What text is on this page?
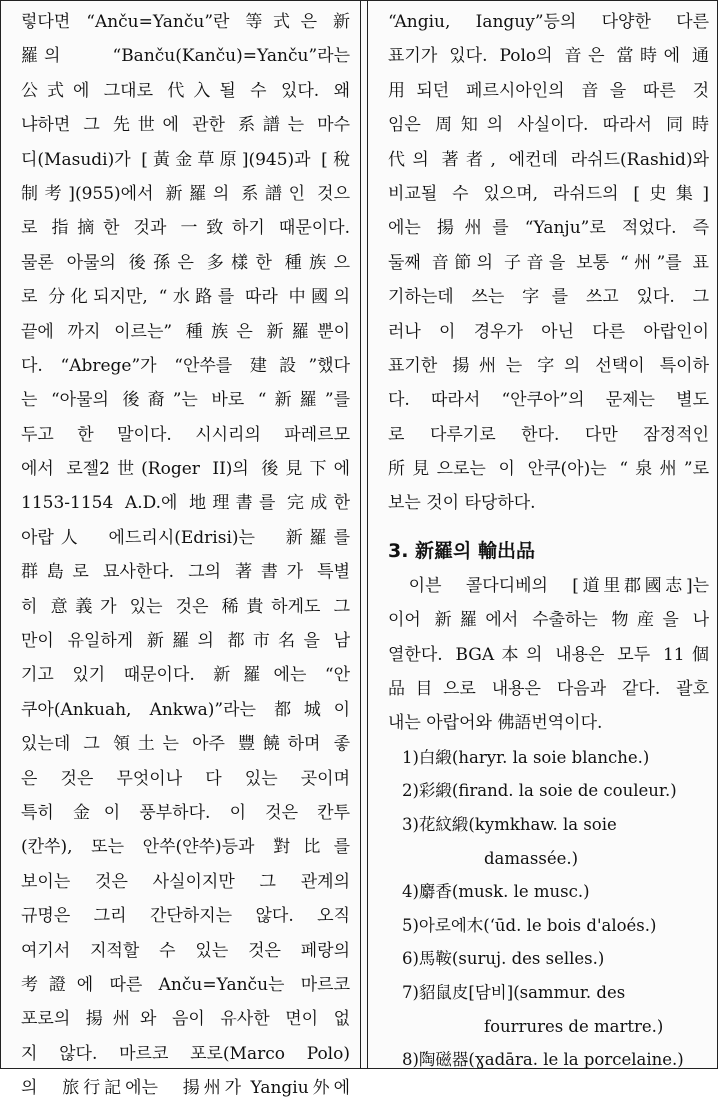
렇다면 “Anču=Yanču”란 等式은 新
羅의　　“Banču(Kanču)=Yanču”라는
公式에 그대로 代入될 수 있다. 왜
냐하면 그 先世에 관한 系譜는 마수
디(Masudi)가 [黃金草原](945)과 [稅
制考](955)에서 新羅의 系譜인 것으
로 指摘한 것과 一致하기 때문이다.
물론 아물의 後孫은 多樣한 種族으
로 分化되지만, “水路를 따라 中國의
끝에 까지 이르는” 種族은 新羅뿐이
다. “Abrege”가 “안쑤를 建設”했다
는 “아물의 後裔”는 바로 “新羅”를
두고 한 말이다. 시시리의 파레르모
에서 로젤2世(Roger II)의 後見下에
1153-1154 A.D.에 地理書를 完成한
아랍人　에드리시(Edrisi)는　新羅를
群島로 묘사한다. 그의 著書가 특별
히 意義가 있는 것은 稀貴하게도 그
만이 유일하게 新羅의 都市名을 남
기고 있기 때문이다. 新羅에는 “안
쿠아(Ankuah, Ankwa)”라는 都城이
있는데 그 領土는 아주 豐饒하며 좋
은 것은 무엇이나 다 있는 곳이며
특히 金이 풍부하다. 이 것은 칸투
(칸쑤), 또는 안쑤(얀쑤)등과 對比를
보이는 것은 사실이지만 그 관계의
규명은 그리 간단하지는 않다. 오직
여기서 지적할 수 있는 것은 페랑의
考證에 따른 Anču=Yanču는 마르코
포로의 揚州와 음이 유사한 면이 없
지 않다. 마르코 포로(Marco Polo)
의　旅行記에는　揚州가 Yangiu外에
“Angiu, Ianguy”등의 다양한 다른
표기가 있다. Polo의 音은 當時에 通
用되던 페르시아인의 音을 따른 것
임은 周知의 사실이다. 따라서 同時
代의 著者, 에컨데 라쉬드(Rashid)와
비교될 수 있으며, 라쉬드의 [史集]
에는 揚州를 “Yanju”로 적었다. 즉
둘째 音節의 子音을 보통 “州”를 표
기하는데 쓰는 字를 쓰고 있다. 그
러나 이 경우가 아닌 다른 아랍인이
표기한 揚州는 字의 선택이 특이하
다. 따라서 “안쿠아”의 문제는 별도
로 다루기로 한다. 다만 잠정적인
所見으로는 이 안쿠(아)는 “泉州”로
보는 것이 타당하다.
3. 新羅의 輸出品
　이븐　콜다디베의　[道里郡國志]는
이어 新羅에서 수출하는 物産을 나
열한다. BGA本의 내용은 모두 11個
品目으로 내용은 다음과 같다. 괄호
내는 아랍어와 佛語번역이다.
1)白緞(haryr. la soie blanche.)
2)彩緞(firand. la soie de couleur.)
3)花紋緞(kymkhaw. la soie
damassée.)
4)麝香(musk. le musc.)
5)아로에木(ʻūd. le bois d'aloés.)
6)馬鞍(suruj. des selles.)
7)貂鼠皮[담비](sammur. des
fourrures de martre.)
8)陶磁器(ɣadāra. le la porcelaine.)
